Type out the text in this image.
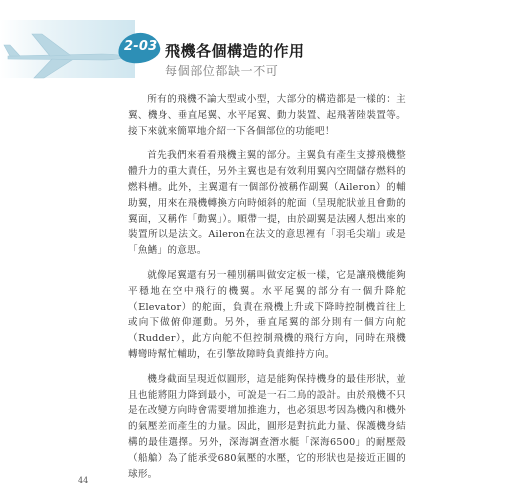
2-03 飛機各個構造的作用
每個部位都缺一不可

所有的飛機不論大型或小型，大部分的構造都是一樣的：主翼、機身、垂直尾翼、水平尾翼、動力裝置、起飛著陸裝置等。接下來就來簡單地介紹一下各個部位的功能吧！

首先我們來看看飛機主翼的部分。主翼負有產生支撐飛機整體升力的重大責任，另外主翼也是有效利用翼內空間儲存燃料的燃料槽。此外，主翼還有一個部份被稱作副翼（Aileron）的輔助翼，用來在飛機轉換方向時傾斜的舵面（呈現舵狀並且會動的翼面，又稱作「動翼」）。順帶一提，由於副翼是法國人想出來的裝置所以是法文。Aileron在法文的意思裡有「羽毛尖端」或是「魚鰭」的意思。

就像尾翼還有另一種別稱叫做安定板一樣，它是讓飛機能夠平穩地在空中飛行的機翼。水平尾翼的部分有一個升降舵（Elevator）的舵面，負責在飛機上升或下降時控制機首往上或向下做俯仰運動。另外，垂直尾翼的部分則有一個方向舵（Rudder），此方向舵不但控制飛機的飛行方向，同時在飛機轉彎時幫忙輔助，在引擎故障時負責維持方向。

機身截面呈現近似圓形，這是能夠保持機身的最佳形狀，並且也能將阻力降到最小，可說是一石二鳥的設計。由於飛機不只是在改變方向時會需要增加推進力，也必須思考因為機內和機外的氣壓差而產生的力量。因此，圓形是對抗此力量、保護機身結構的最佳選擇。另外，深海調查潛水艇「深海6500」的耐壓殼（船艙）為了能承受680氣壓的水壓，它的形狀也是接近正圓的球形。

44
